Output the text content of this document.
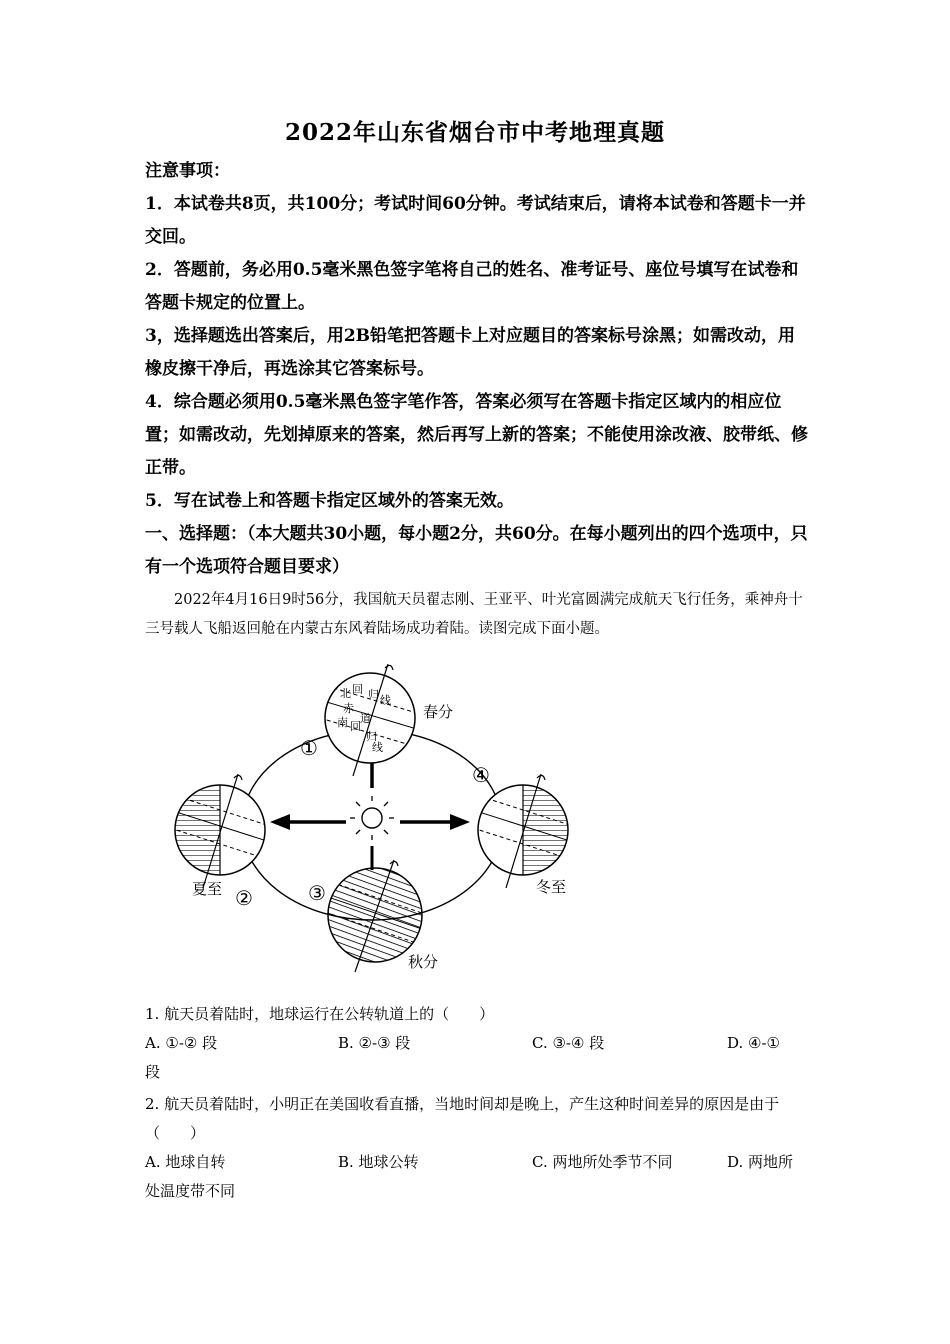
2022年山东省烟台市中考地理真题

注意事项：

1．本试卷共8页，共100分；考试时间60分钟。考试结束后，请将本试卷和答题卡一并交回。

2．答题前，务必用0.5毫米黑色签字笔将自己的姓名、准考证号、座位号填写在试卷和答题卡规定的位置上。

3，选择题选出答案后，用2B铅笔把答题卡上对应题目的答案标号涂黑；如需改动，用橡皮擦干净后，再选涂其它答案标号。

4．综合题必须用0.5毫米黑色签字笔作答，答案必须写在答题卡指定区域内的相应位置；如需改动，先划掉原来的答案，然后再写上新的答案；不能使用涂改液、胶带纸、修正带。

5．写在试卷上和答题卡指定区域外的答案无效。

一、选择题：（本大题共30小题，每小题2分，共60分。在每小题列出的四个选项中，只有一个选项符合题目要求）

2022年4月16日9时56分，我国航天员翟志刚、王亚平、叶光富圆满完成航天飞行任务，乘神舟十三号载人飞船返回舱在内蒙古东风着陆场成功着陆。读图完成下面小题。

北 回 归 线
赤
道
南 回
归
线
春分
夏至	冬至
秋分
①
②	③
④

1. 航天员着陆时，地球运行在公转轨道上的（　　）

A. ①-② 段	B. ②-③ 段	C. ③-④ 段	D. ④-①

段

2. 航天员着陆时，小明正在美国收看直播，当地时间却是晚上，产生这种时间差异的原因是由于（　　）

A. 地球自转	B. 地球公转	C. 两地所处季节不同	D. 两地所

处温度带不同
